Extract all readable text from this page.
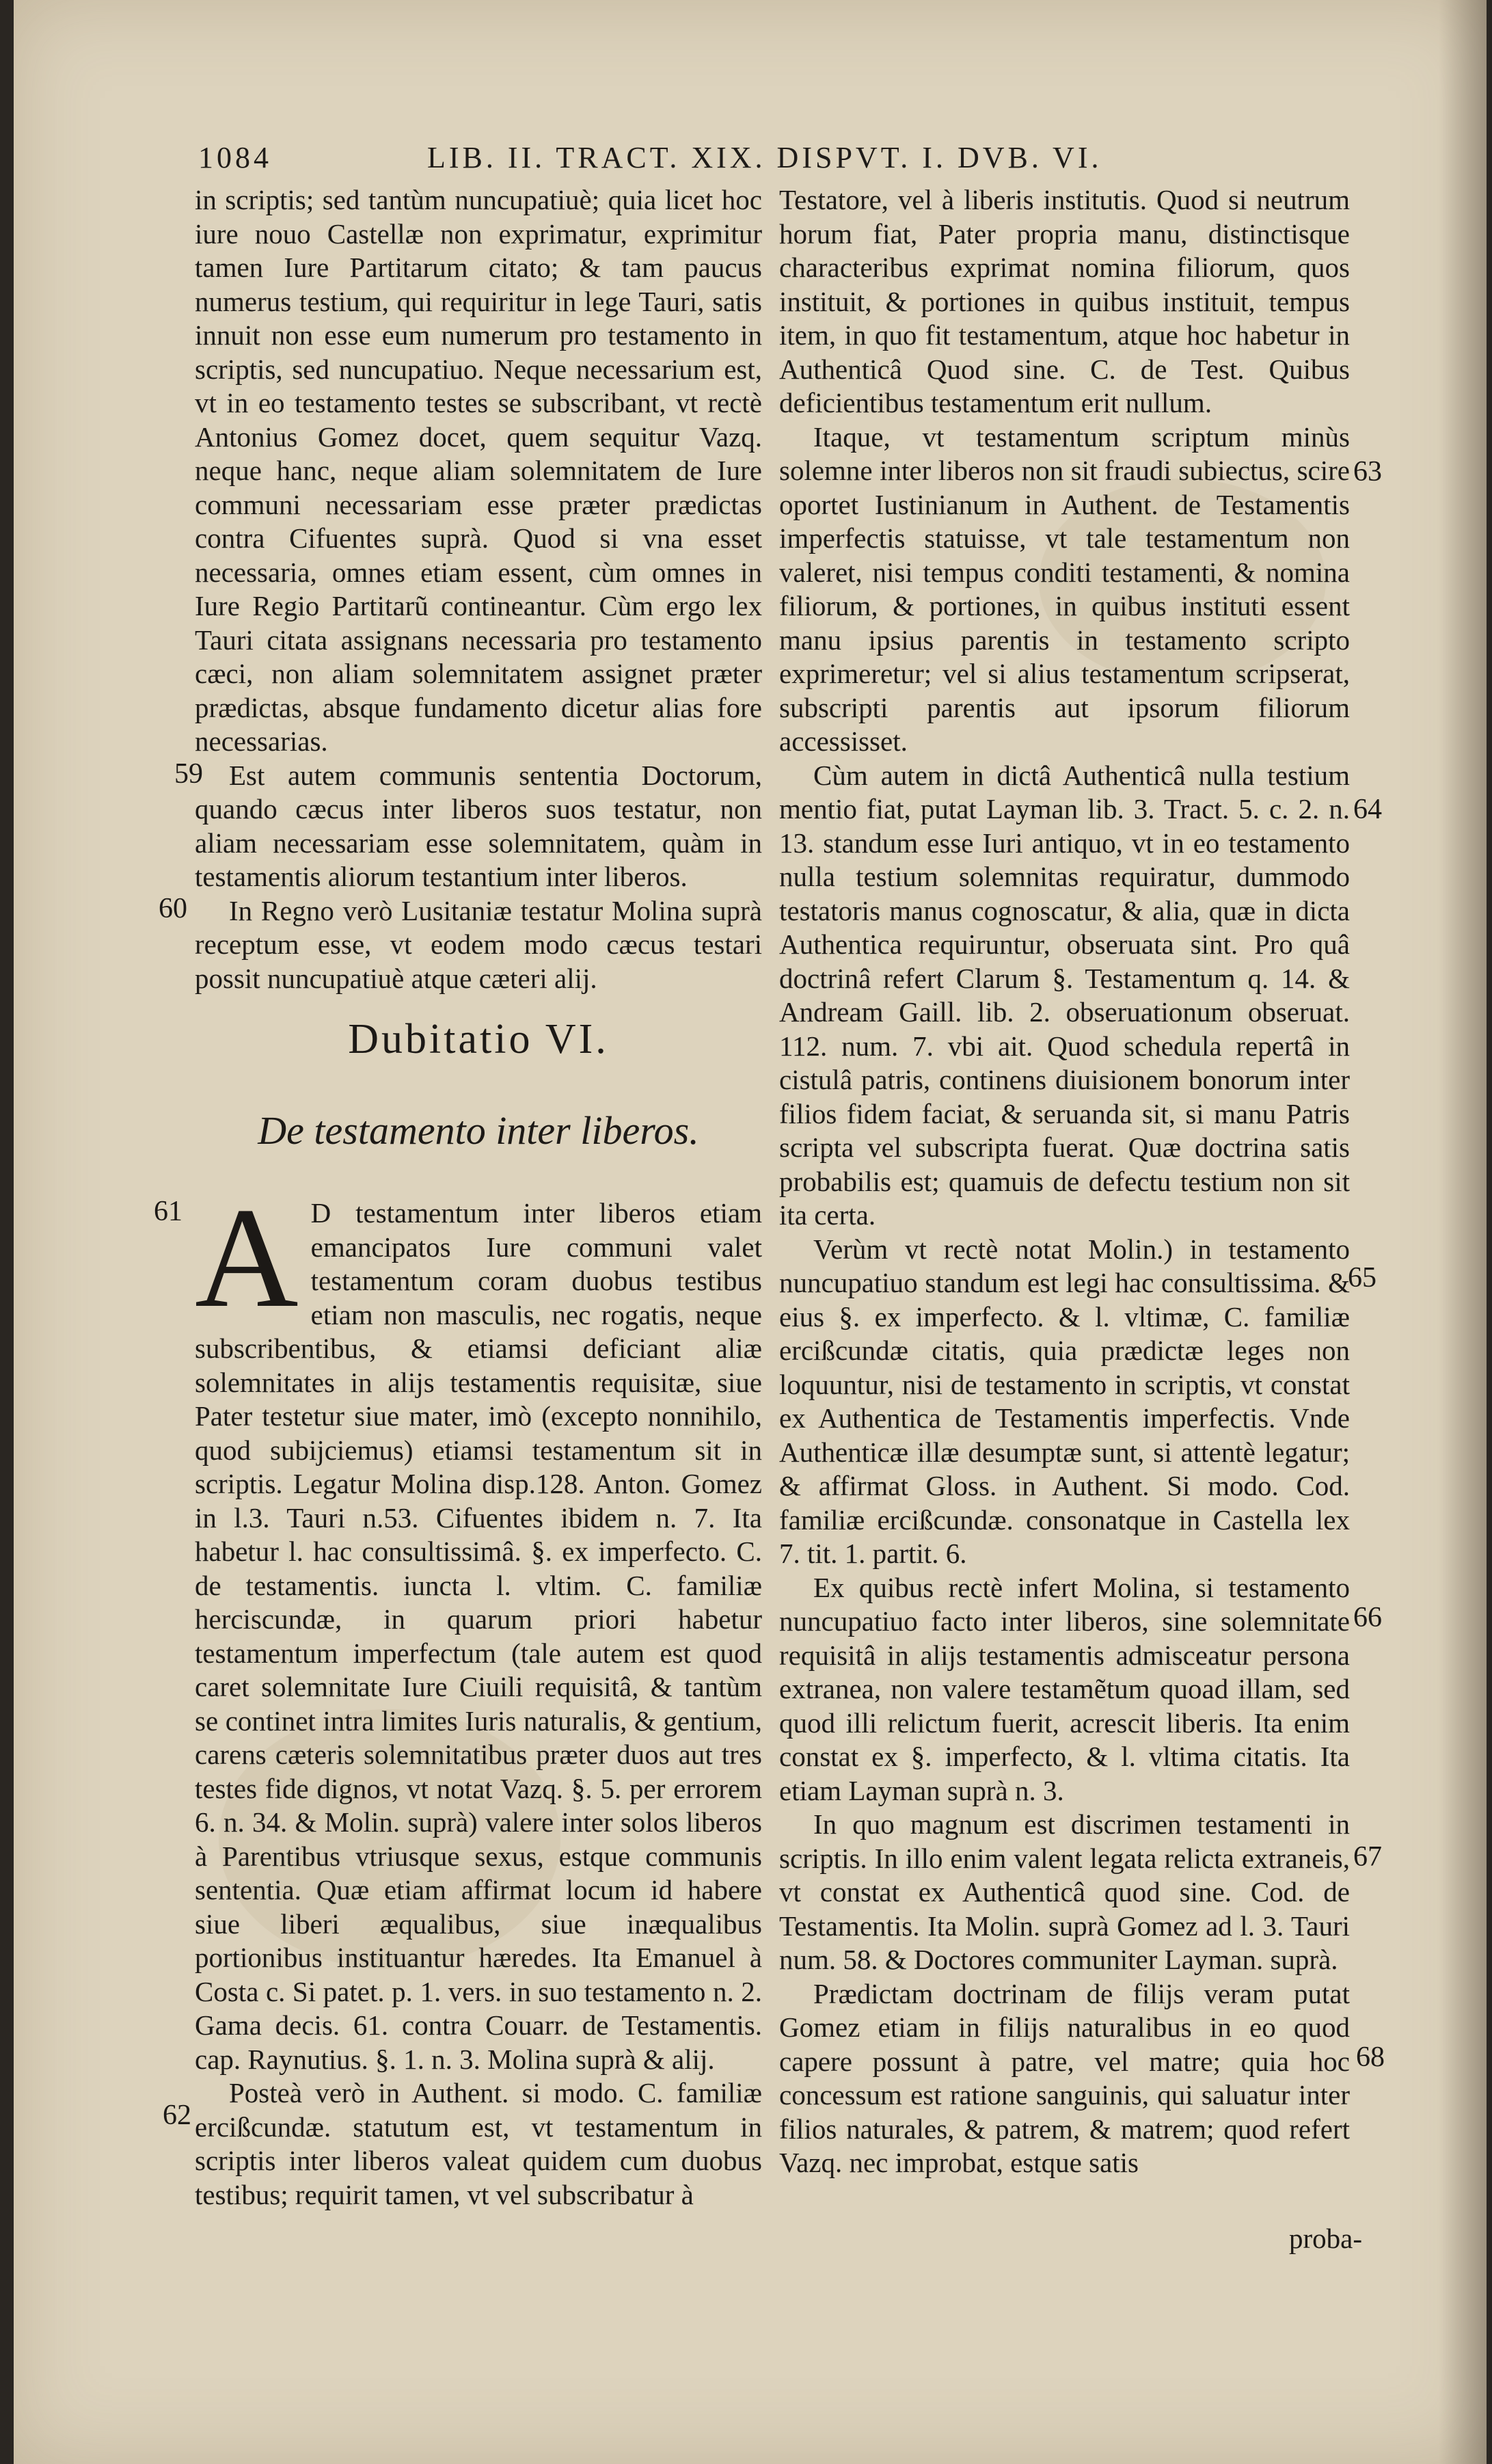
1084	LIB. II. TRACT. XIX. DISPVT. I. DVB. VI.

in scriptis; sed tantùm nuncupatiuè; quia licet hoc iure nouo Castellæ non exprimatur, exprimitur tamen Iure Partitarum citato; & tam paucus numerus testium, qui requiritur in lege Tauri, satis innuit non esse eum numerum pro testamento in scriptis, sed nuncupatiuo. Neque necessarium est, vt in eo testamento testes se subscribant, vt rectè Antonius Gomez docet, quem sequitur Vazq. neque hanc, neque aliam solemnitatem de Iure communi necessariam esse præter prædictas contra Cifuentes suprà. Quod si vna esset necessaria, omnes etiam essent, cùm omnes in Iure Regio Partitarũ contineantur. Cùm ergo lex Tauri citata assignans necessaria pro testamento cæci, non aliam solemnitatem assignet præter prædictas, absque fundamento dicetur alias fore necessarias.

Est autem communis sententia Doctorum, quando cæcus inter liberos suos testatur, non aliam necessariam esse solemnitatem, quàm in testamentis aliorum testantium inter liberos.

In Regno verò Lusitaniæ testatur Molina suprà receptum esse, vt eodem modo cæcus testari possit nuncupatiuè atque cæteri alij.

Dubitatio VI.
De testamento inter liberos.

A D testamentum inter liberos etiam emancipatos Iure communi valet testamentum coram duobus testibus etiam non masculis, nec rogatis, neque subscribentibus, & etiamsi deficiant aliæ solemnitates in alijs testamentis requisitæ, siue Pater testetur siue mater, imò (excepto nonnihilo, quod subijciemus) etiamsi testamentum sit in scriptis. Legatur Molina disp.128. Anton. Gomez in l.3. Tauri n.53. Cifuentes ibidem n. 7. Ita habetur l. hac consultissimâ. §. ex imperfecto. C. de testamentis. iuncta l. vltim. C. familiæ herciscundæ, in quarum priori habetur testamentum imperfectum (tale autem est quod caret solemnitate Iure Ciuili requisitâ, & tantùm se continet intra limites Iuris naturalis, & gentium, carens cæteris solemnitatibus præter duos aut tres testes fide dignos, vt notat Vazq. §. 5. per errorem 6. n. 34. & Molin. suprà) valere inter solos liberos à Parentibus vtriusque sexus, estque communis sententia. Quæ etiam affirmat locum id habere siue liberi æqualibus, siue inæqualibus portionibus instituantur hæredes. Ita Emanuel à Costa c. Si patet. p. 1. vers. in suo testamento n. 2. Gama decis. 61. contra Couarr. de Testamentis. cap. Raynutius. §. 1. n. 3. Molina suprà & alij.

Posteà verò in Authent. si modo. C. familiæ ercißcundæ. statutum est, vt testamentum in scriptis inter liberos valeat quidem cum duobus testibus; requirit tamen, vt vel subscribatur à

Testatore, vel à liberis institutis. Quod si neutrum horum fiat, Pater propria manu, distinctisque characteribus exprimat nomina filiorum, quos instituit, & portiones in quibus instituit, tempus item, in quo fit testamentum, atque hoc habetur in Authenticâ Quod sine. C. de Test. Quibus deficientibus testamentum erit nullum.

Itaque, vt testamentum scriptum minùs solemne inter liberos non sit fraudi subiectus, scire oportet Iustinianum in Authent. de Testamentis imperfectis statuisse, vt tale testamentum non valeret, nisi tempus conditi testamenti, & nomina filiorum, & portiones, in quibus instituti essent manu ipsius parentis in testamento scripto exprimeretur; vel si alius testamentum scripserat, subscripti parentis aut ipsorum filiorum accessisset.

Cùm autem in dictâ Authenticâ nulla testium mentio fiat, putat Layman lib. 3. Tract. 5. c. 2. n. 13. standum esse Iuri antiquo, vt in eo testamento nulla testium solemnitas requiratur, dummodo testatoris manus cognoscatur, & alia, quæ in dicta Authentica requiruntur, obseruata sint. Pro quâ doctrinâ refert Clarum §. Testamentum q. 14. & Andream Gaill. lib. 2. obseruationum obseruat. 112. num. 7. vbi ait. Quod schedula repertâ in cistulâ patris, continens diuisionem bonorum inter filios fidem faciat, & seruanda sit, si manu Patris scripta vel subscripta fuerat. Quæ doctrina satis probabilis est; quamuis de defectu testium non sit ita certa.

Verùm vt rectè notat Molin.) in testamento nuncupatiuo standum est legi hac consultissima. & eius §. ex imperfecto. & l. vltimæ, C. familiæ ercißcundæ citatis, quia prædictæ leges non loquuntur, nisi de testamento in scriptis, vt constat ex Authentica de Testamentis imperfectis. Vnde Authenticæ illæ desumptæ sunt, si attentè legatur; & affirmat Gloss. in Authent. Si modo. Cod. familiæ ercißcundæ. consonatque in Castella lex 7. tit. 1. partit. 6.

Ex quibus rectè infert Molina, si testamento nuncupatiuo facto inter liberos, sine solemnitate requisitâ in alijs testamentis admisceatur persona extranea, non valere testamẽtum quoad illam, sed quod illi relictum fuerit, acrescit liberis. Ita enim constat ex §. imperfecto, & l. vltima citatis. Ita etiam Layman suprà n. 3.

In quo magnum est discrimen testamenti in scriptis. In illo enim valent legata relicta extraneis, vt constat ex Authenticâ quod sine. Cod. de Testamentis. Ita Molin. suprà Gomez ad l. 3. Tauri num. 58. & Doctores communiter Layman. suprà.

Prædictam doctrinam de filijs veram putat Gomez etiam in filijs naturalibus in eo quod capere possunt à patre, vel matre; quia hoc concessum est ratione sanguinis, qui saluatur inter filios naturales, & patrem, & matrem; quod refert Vazq. nec improbat, estque satis

proba-
59
60
61
62
63
64
65
66
67
68
